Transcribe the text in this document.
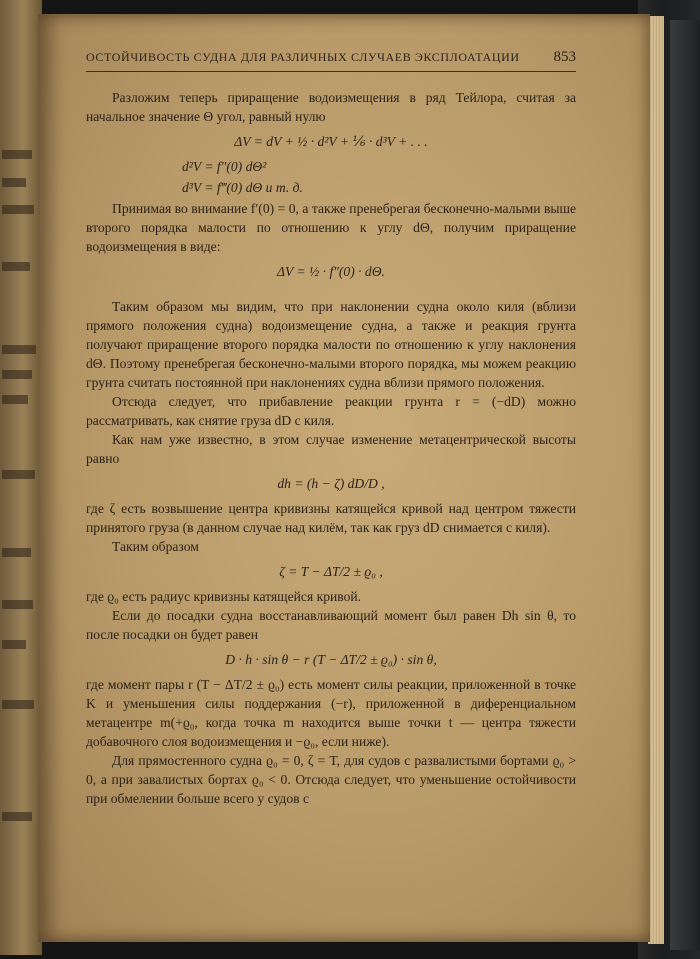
ОСТОЙЧИВОСТЬ СУДНА ДЛЯ РАЗЛИЧНЫХ СЛУЧАЕВ ЭКСПЛОАТАЦИИ 853

Разложим теперь приращение водоизмещения в ряд Тейлора, считая за начальное значение Θ угол, равный нулю

ΔV = dV + ½ · d²V + ⅙ · d³V + . . .
d²V = f″(0) dΘ²
d³V = f‴(0) dΘ и т. д.

Принимая во внимание f′(0) = 0, а также пренебрегая бесконечно-малыми выше второго порядка малости по отношению к углу dΘ, получим приращение водоизмещения в виде:

ΔV = ½ · f″(0) · dΘ.

Таким образом мы видим, что при наклонении судна около киля (вблизи прямого положения судна) водоизмещение судна, а также и реакция грунта получают приращение второго порядка малости по отношению к углу наклонения dΘ. Поэтому пренебрегая бесконечно-малыми второго порядка, мы можем реакцию грунта считать постоянной при наклонениях судна вблизи прямого положения.

Отсюда следует, что прибавление реакции грунта r = (−dD) можно рассматривать, как снятие груза dD с киля.

Как нам уже известно, в этом случае изменение метацентрической высоты равно

dh = (h − ζ) dD/D ,

где ζ есть возвышение центра кривизны катящейся кривой над центром тяжести принятого груза (в данном случае над килём, так как груз dD снимается с киля).

Таким образом

ζ = T − ΔT/2 ± ϱ₀ ,

где ϱ₀ есть радиус кривизны катящейся кривой.

Если до посадки судна восстанавливающий момент был равен Dh sin θ, то после посадки он будет равен

D · h · sin θ − r (T − ΔT/2 ± ϱ₀) · sin θ,

где момент пары r (T − ΔT/2 ± ϱ₀) есть момент силы реакции, приложенной в точке K и уменьшения силы поддержания (−r), приложенной в диференциальном метацентре m(+ϱ₀, когда точка m находится выше точки t — центра тяжести добавочного слоя водоизмещения и −ϱ₀, если ниже).

Для прямостенного судна ϱ₀ = 0, ζ = T, для судов с развалистыми бортами ϱ₀ > 0, а при завалистых бортах ϱ₀ < 0. Отсюда следует, что уменьшение остойчивости при обмелении больше всего у судов с
